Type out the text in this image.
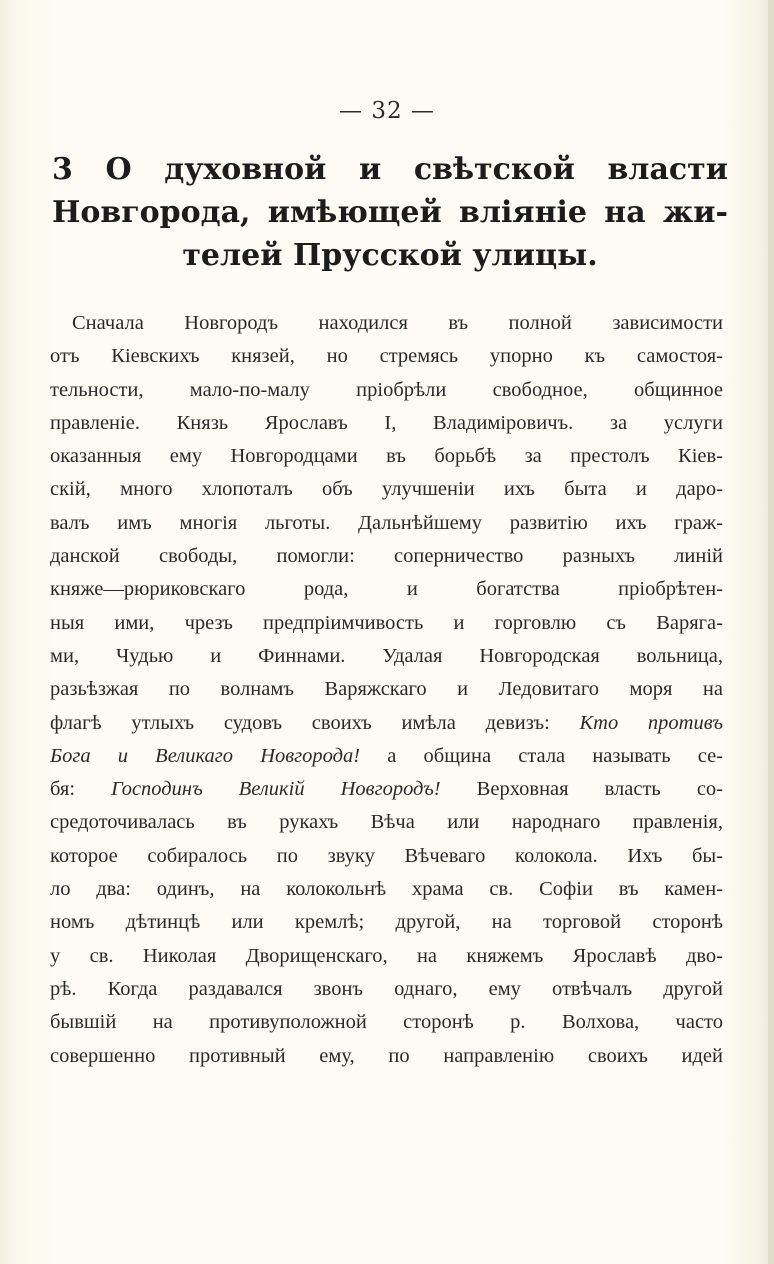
— 32 —
3 О духовной и свѣтской власти
Новгорода, имѣющей вліяніе на жи-
телей Прусской улицы.
Сначала Новгородъ находился въ полной зависимости
отъ Кіевскихъ князей, но стремясь упорно къ самостоя-
тельности, мало-по-малу пріобрѣли свободное, общинное
правленіе. Князь Ярославъ I, Владиміровичъ. за услуги
оказанныя ему Новгородцами въ борьбѣ за престолъ Кіев-
скій, много хлопоталъ объ улучшеніи ихъ быта и даро-
валъ имъ многія льготы. Дальнѣйшему развитію ихъ граж-
данской свободы, помогли: соперничество разныхъ линій
княже—рюриковскаго рода, и богатства пріобрѣтен-
ныя ими, чрезъ предпріимчивость и горговлю съ Варяга-
ми, Чудью и Финнами. Удалая Новгородская вольница,
разьѣзжая по волнамъ Варяжскаго и Ледовитаго моря на
флагѣ утлыхъ судовъ своихъ имѣла девизъ: Кто противъ
Бога и Великаго Новгорода! а община стала называть се-
бя: Господинъ Великій Новгородъ! Верховная власть со-
средоточивалась въ рукахъ Вѣча или народнаго правленія,
которое собиралось по звуку Вѣчеваго колокола. Ихъ бы-
ло два: одинъ, на колокольнѣ храма св. Софіи въ камен-
номъ дѣтинцѣ или кремлѣ; другой, на торговой сторонѣ
у св. Николая Дворищенскаго, на княжемъ Ярославѣ дво-
рѣ. Когда раздавался звонъ однаго, ему отвѣчалъ другой
бывшій на противуположной сторонѣ р. Волхова, часто
совершенно противный ему, по направленію своихъ идей
